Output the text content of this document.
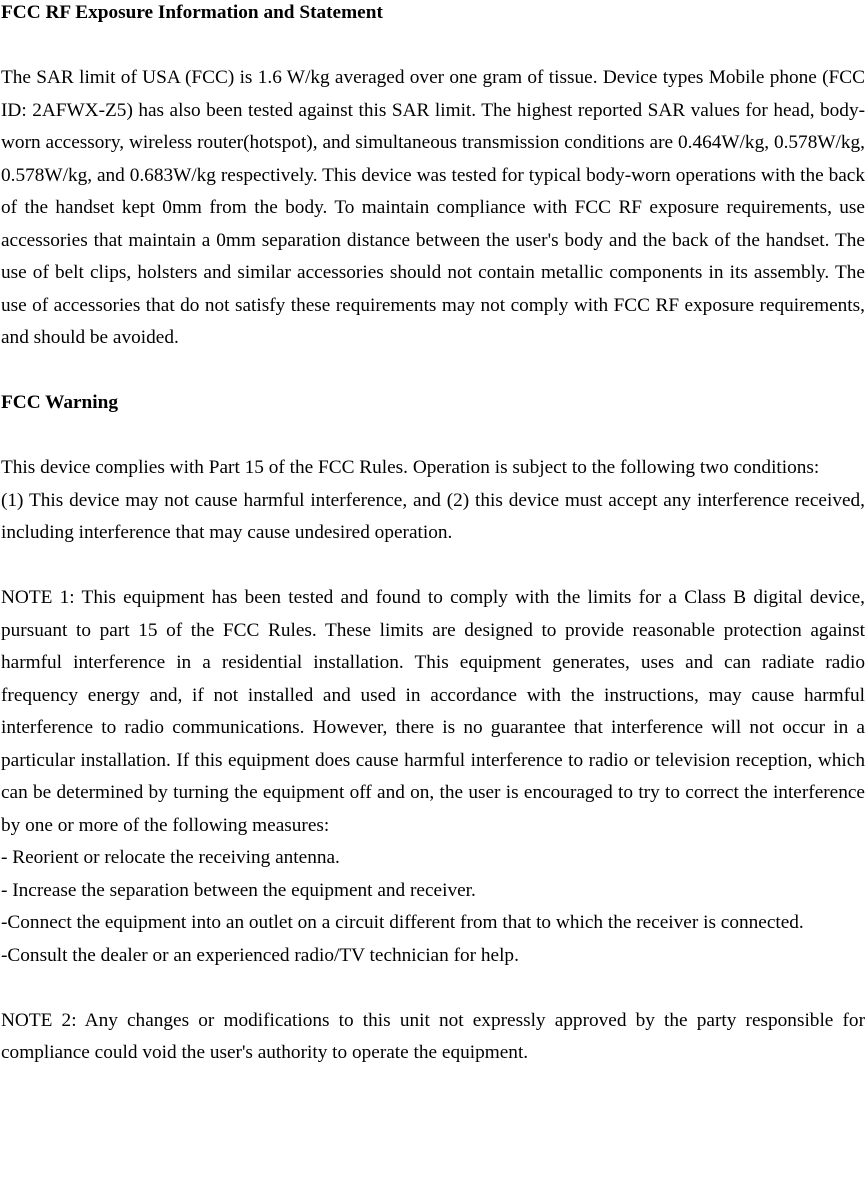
FCC RF Exposure Information and Statement

The SAR limit of USA (FCC) is 1.6 W/kg averaged over one gram of tissue. Device types Mobile phone (FCC ID: 2AFWX-Z5) has also been tested against this SAR limit. The highest reported SAR values for head, body-worn accessory, wireless router(hotspot), and simultaneous transmission conditions are 0.464W/kg, 0.578W/kg, 0.578W/kg, and 0.683W/kg respectively. This device was tested for typical body-worn operations with the back of the handset kept 0mm from the body. To maintain compliance with FCC RF exposure requirements, use accessories that maintain a 0mm separation distance between the user's body and the back of the handset. The use of belt clips, holsters and similar accessories should not contain metallic components in its assembly. The use of accessories that do not satisfy these requirements may not comply with FCC RF exposure requirements, and should be avoided.

FCC Warning

This device complies with Part 15 of the FCC Rules. Operation is subject to the following two conditions:

(1) This device may not cause harmful interference, and (2) this device must accept any interference received, including interference that may cause undesired operation.

NOTE 1: This equipment has been tested and found to comply with the limits for a Class B digital device, pursuant to part 15 of the FCC Rules. These limits are designed to provide reasonable protection against harmful interference in a residential installation. This equipment generates, uses and can radiate radio frequency energy and, if not installed and used in accordance with the instructions, may cause harmful interference to radio communications. However, there is no guarantee that interference will not occur in a particular installation. If this equipment does cause harmful interference to radio or television reception, which can be determined by turning the equipment off and on, the user is encouraged to try to correct the interference by one or more of the following measures:

- Reorient or relocate the receiving antenna.

- Increase the separation between the equipment and receiver.

-Connect the equipment into an outlet on a circuit different from that to which the receiver is connected.

-Consult the dealer or an experienced radio/TV technician for help.

NOTE 2: Any changes or modifications to this unit not expressly approved by the party responsible for compliance could void the user's authority to operate the equipment.
